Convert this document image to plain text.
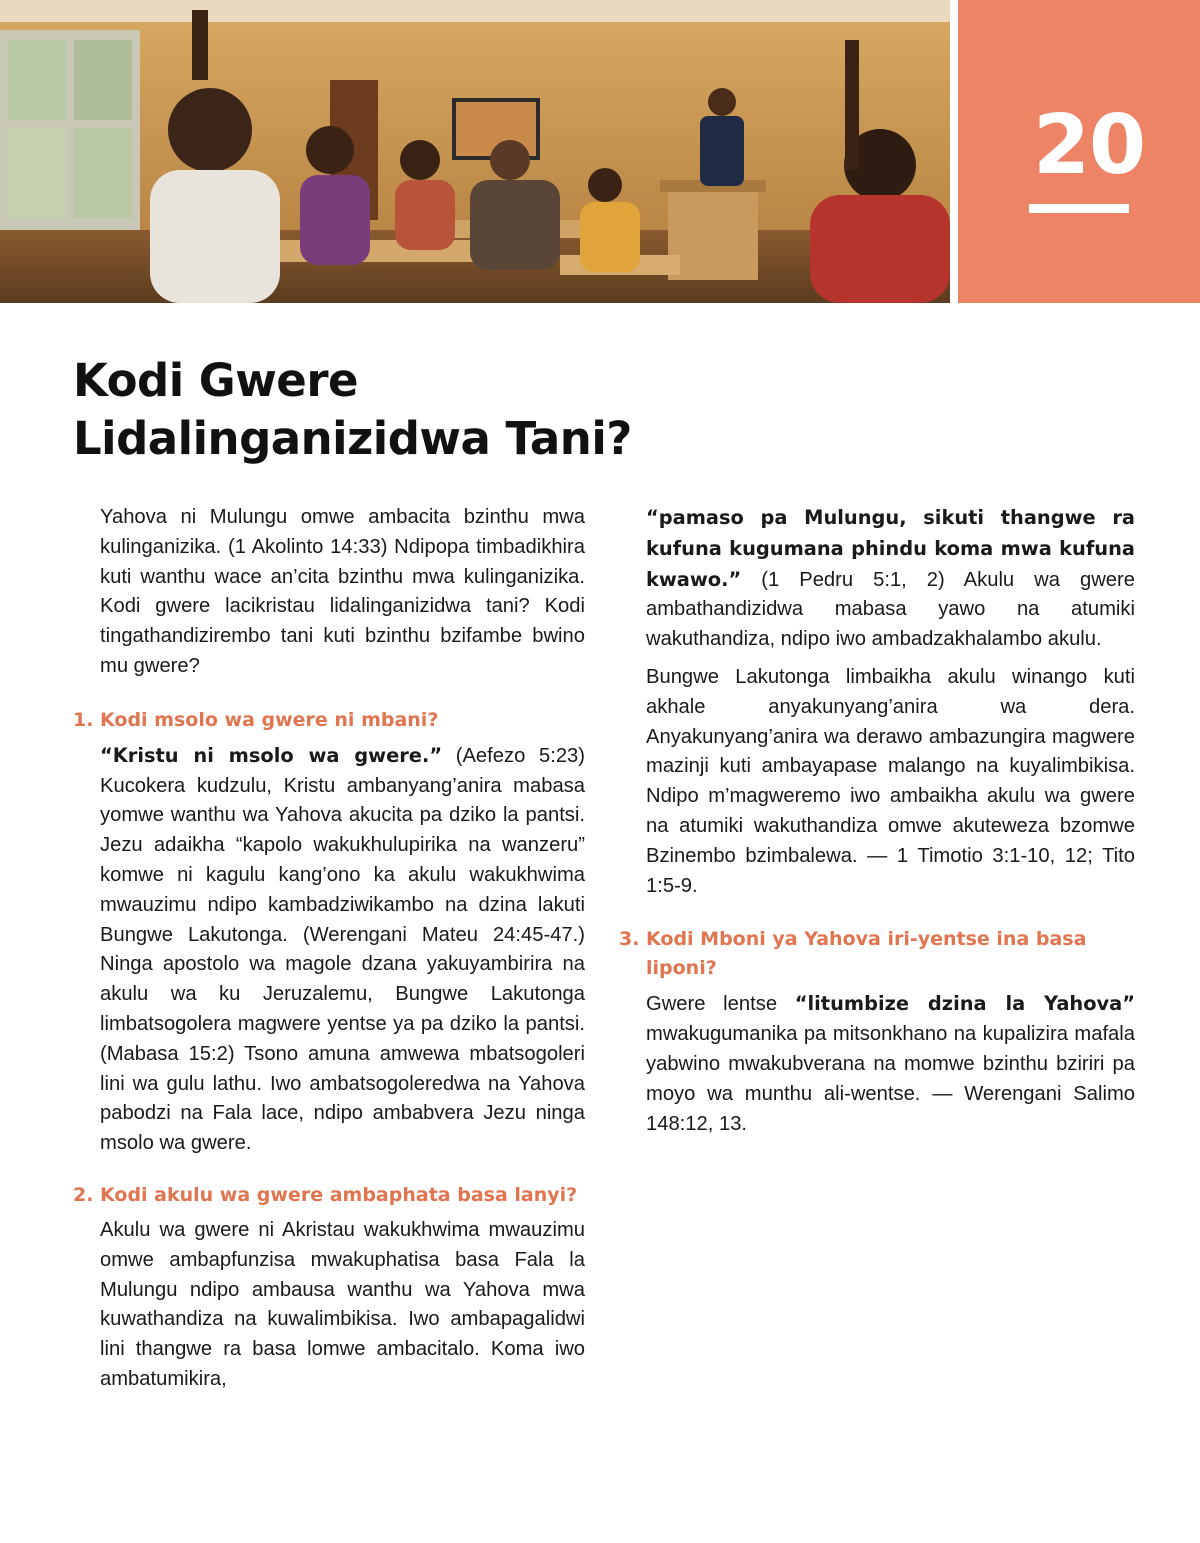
20
Kodi Gwere
Lidalinganizidwa Tani?

Yahova ni Mulungu omwe ambacita bzinthu mwa kulinganizika. (1 Akolinto 14:33) Ndipopa timbadikhira kuti wanthu wace an’cita bzinthu mwa kulinganizika. Kodi gwere lacikristau lidalinganizidwa tani? Kodi tingathandizirembo tani kuti bzinthu bzifambe bwino mu gwere?

1. Kodi msolo wa gwere ni mbani?

“Kristu ni msolo wa gwere.” (Aefezo 5:23) Kucokera kudzulu, Kristu ambanyang’anira mabasa yomwe wanthu wa Yahova akucita pa dziko la pantsi. Jezu adaikha “kapolo wakukhulupirika na wanzeru” komwe ni kagulu kang’ono ka akulu wakukhwima mwauzimu ndipo kambadziwikambo na dzina lakuti Bungwe Lakutonga. (Werengani Mateu 24:45-47.) Ninga apostolo wa magole dzana yakuyambirira na akulu wa ku Jeruzalemu, Bungwe Lakutonga limbatsogolera magwere yentse ya pa dziko la pantsi. (Mabasa 15:2) Tsono amuna amwewa mbatsogoleri lini wa gulu lathu. Iwo ambatsogoleredwa na Yahova pabodzi na Fala lace, ndipo ambabvera Jezu ninga msolo wa gwere.

2. Kodi akulu wa gwere ambaphata basa lanyi?

Akulu wa gwere ni Akristau wakukhwima mwauzimu omwe ambapfunzisa mwakuphatisa basa Fala la Mulungu ndipo ambausa wanthu wa Yahova mwa kuwathandiza na kuwalimbikisa. Iwo ambapagalidwi lini thangwe ra basa lomwe ambacitalo. Koma iwo ambatumikira,

“pamaso pa Mulungu, sikuti thangwe ra kufuna kugumana phindu koma mwa kufuna kwawo.” (1 Pedru 5:1, 2) Akulu wa gwere ambathandizidwa mabasa yawo na atumiki wakuthandiza, ndipo iwo ambadzakhalambo akulu.

Bungwe Lakutonga limbaikha akulu winango kuti akhale anyakunyang’anira wa dera. Anyakunyang’anira wa derawo ambazungira magwere mazinji kuti ambayapase malango na kuyalimbikisa. Ndipo m’magweremo iwo ambaikha akulu wa gwere na atumiki wakuthandiza omwe akuteweza bzomwe Bzinembo bzimbalewa. — 1 Timotio 3:1-10, 12; Tito 1:5-9.

3. Kodi Mboni ya Yahova iri-yentse ina basa liponi?

Gwere lentse “litumbize dzina la Yahova” mwakugumanika pa mitsonkhano na kupalizira mafala yabwino mwakubverana na momwe bzinthu bziriri pa moyo wa munthu ali-wentse. — Werengani Salimo 148:12, 13.
